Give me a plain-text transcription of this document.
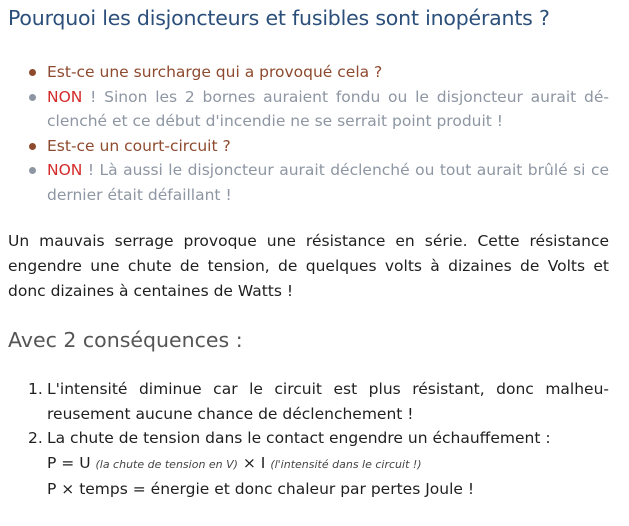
Pourquoi les disjoncteurs et fusibles sont inopérants ?
Est-ce une surcharge qui a provoqué cela ?
NON ! Sinon les 2 bornes auraient fondu ou le disjoncteur aurait dé-clenché et ce début d'incendie ne se serrait point produit !
Est-ce un court-circuit ?
NON ! Là aussi le disjoncteur aurait déclenché ou tout aurait brûlé si ce dernier était défaillant !

Un mauvais serrage provoque une résistance en série. Cette résistance engendre une chute de tension, de quelques volts à dizaines de Volts et donc dizaines à centaines de Watts !

Avec 2 conséquences :
1. L'intensité diminue car le circuit est plus résistant, donc malheu-reusement aucune chance de déclenchement !
2. La chute de tension dans le contact engendre un échauffement :
P = U (la chute de tension en V) × I (l'intensité dans le circuit !)
P × temps = énergie et donc chaleur par pertes Joule !
